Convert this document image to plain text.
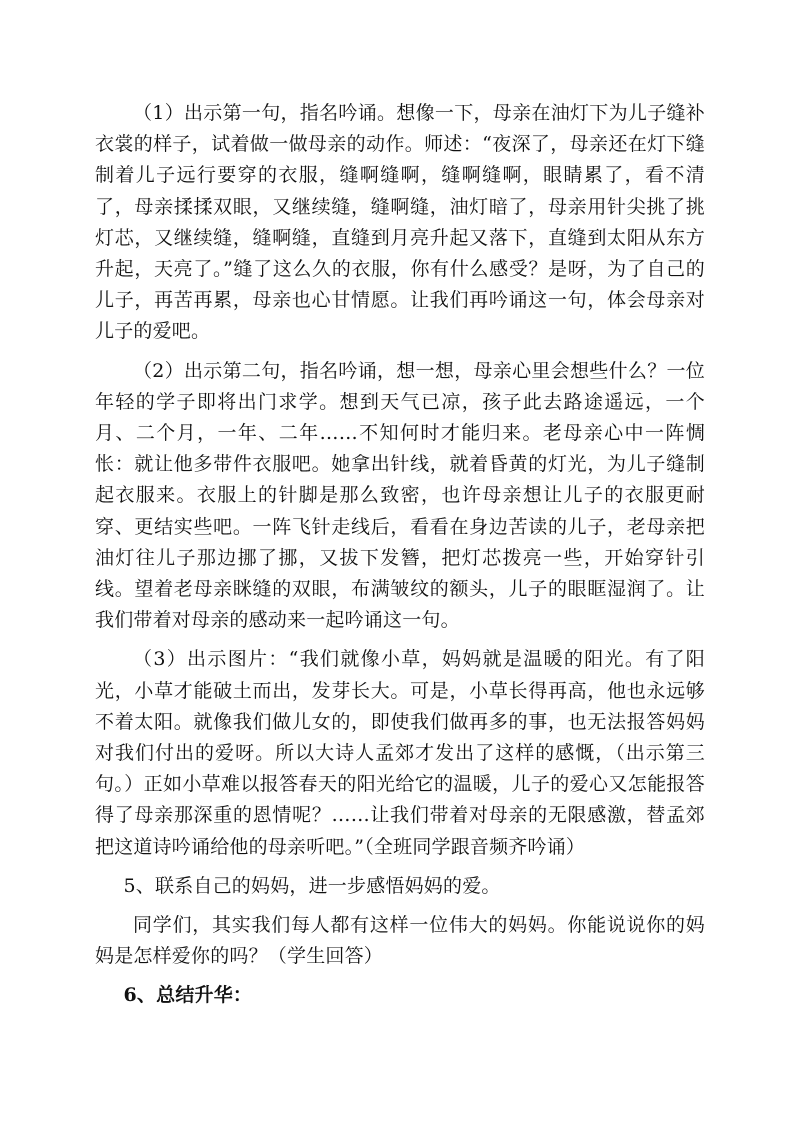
（1）出示第一句，指名吟诵。想像一下，母亲在油灯下为儿子缝补衣裳的样子，试着做一做母亲的动作。师述：“夜深了，母亲还在灯下缝制着儿子远行要穿的衣服，缝啊缝啊，缝啊缝啊，眼睛累了，看不清了，母亲揉揉双眼，又继续缝，缝啊缝，油灯暗了，母亲用针尖挑了挑灯芯，又继续缝，缝啊缝，直缝到月亮升起又落下，直缝到太阳从东方升起，天亮了。”缝了这么久的衣服，你有什么感受？是呀，为了自己的儿子，再苦再累，母亲也心甘情愿。让我们再吟诵这一句，体会母亲对儿子的爱吧。

（2）出示第二句，指名吟诵，想一想，母亲心里会想些什么？一位年轻的学子即将出门求学。想到天气已凉，孩子此去路途遥远，一个月、二个月，一年、二年……不知何时才能归来。老母亲心中一阵惆怅：就让他多带件衣服吧。她拿出针线，就着昏黄的灯光，为儿子缝制起衣服来。衣服上的针脚是那么致密，也许母亲想让儿子的衣服更耐穿、更结实些吧。一阵飞针走线后，看看在身边苦读的儿子，老母亲把油灯往儿子那边挪了挪，又拔下发簪，把灯芯拨亮一些，开始穿针引线。望着老母亲眯缝的双眼，布满皱纹的额头，儿子的眼眶湿润了。让我们带着对母亲的感动来一起吟诵这一句。

（3）出示图片：“我们就像小草，妈妈就是温暖的阳光。有了阳光，小草才能破土而出，发芽长大。可是，小草长得再高，他也永远够不着太阳。就像我们做儿女的，即使我们做再多的事，也无法报答妈妈对我们付出的爱呀。所以大诗人孟郊才发出了这样的感慨，（出示第三句。）正如小草难以报答春天的阳光给它的温暖，儿子的爱心又怎能报答得了母亲那深重的恩情呢？……让我们带着对母亲的无限感激，替孟郊把这道诗吟诵给他的母亲听吧。”（全班同学跟音频齐吟诵）

5、联系自己的妈妈，进一步感悟妈妈的爱。

同学们，其实我们每人都有这样一位伟大的妈妈。你能说说你的妈妈是怎样爱你的吗？（学生回答）

6、总结升华：
